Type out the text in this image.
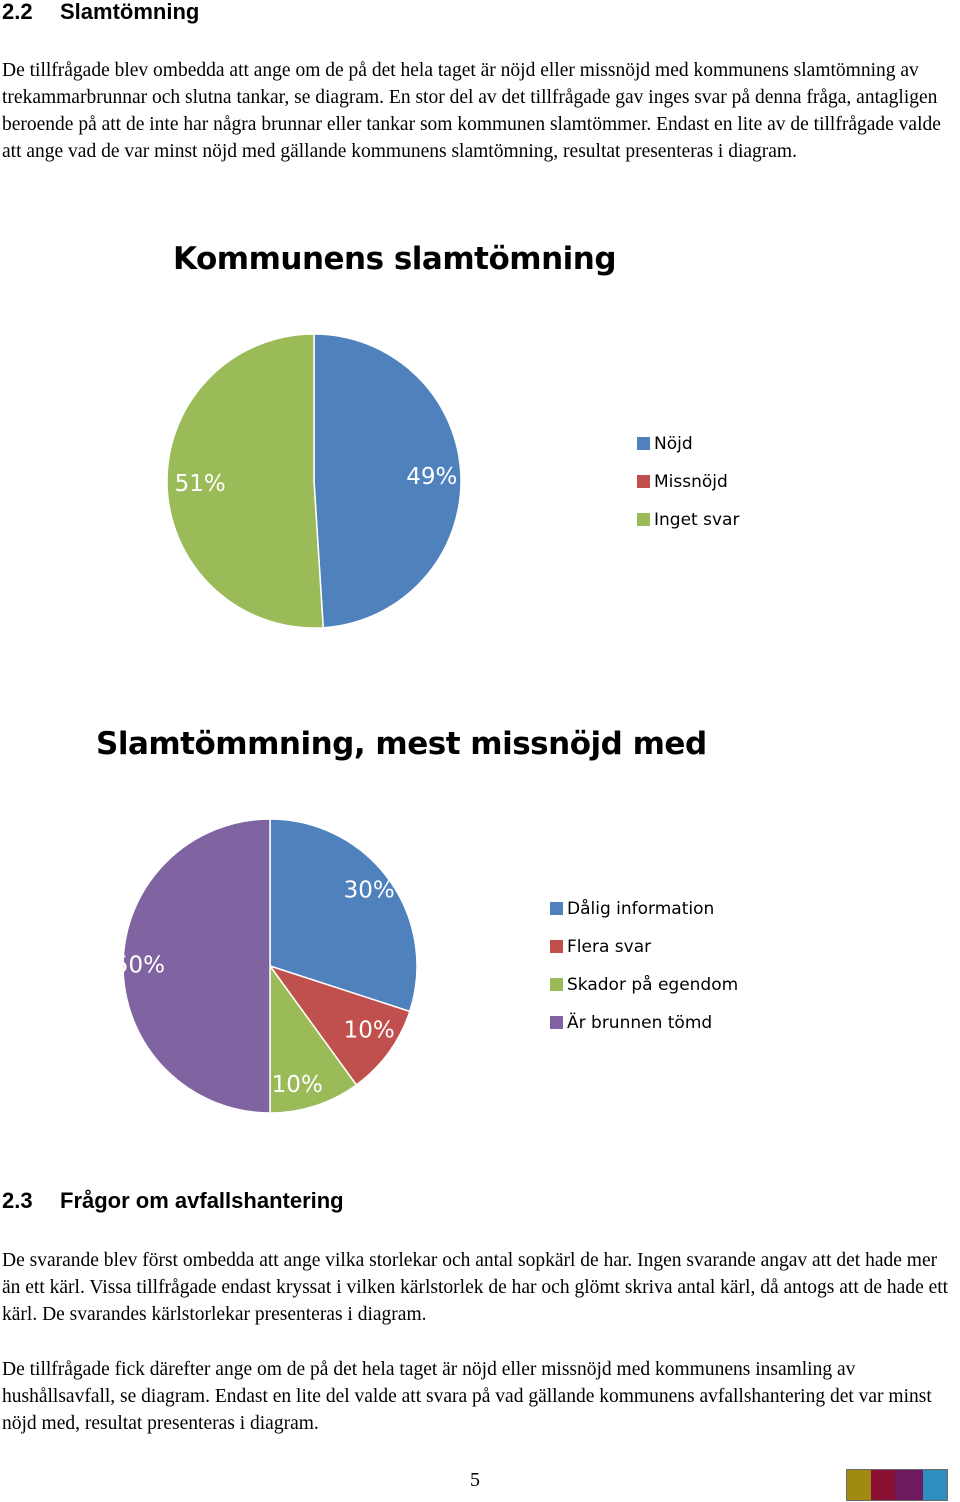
2.2 Slamtömning

De tillfrågade blev ombedda att ange om de på det hela taget är nöjd eller missnöjd med kommunens slamtömning av trekammarbrunnar och slutna tankar, se diagram. En stor del av det tillfrågade gav inges svar på denna fråga, antagligen beroende på att de inte har några brunnar eller tankar som kommunen slamtömmer. Endast en lite av de tillfrågade valde att ange vad de var minst nöjd med gällande kommunens slamtömning, resultat presenteras i diagram.

Kommunens slamtömning
49%
51%
Nöjd
Missnöjd
Inget svar
Slamtömmning, mest missnöjd med
30%
10%
10%
50%
Dålig information
Flera svar
Skador på egendom
Är brunnen tömd
2.3 Frågor om avfallshantering

De svarande blev först ombedda att ange vilka storlekar och antal sopkärl de har. Ingen svarande angav att det hade mer än ett kärl. Vissa tillfrågade endast kryssat i vilken kärlstorlek de har och glömt skriva antal kärl, då antogs att de hade ett kärl. De svarandes kärlstorlekar presenteras i diagram.

De tillfrågade fick därefter ange om de på det hela taget är nöjd eller missnöjd med kommunens insamling av hushållsavfall, se diagram. Endast en lite del valde att svara på vad gällande kommunens avfallshantering det var minst nöjd med, resultat presenteras i diagram.

5
